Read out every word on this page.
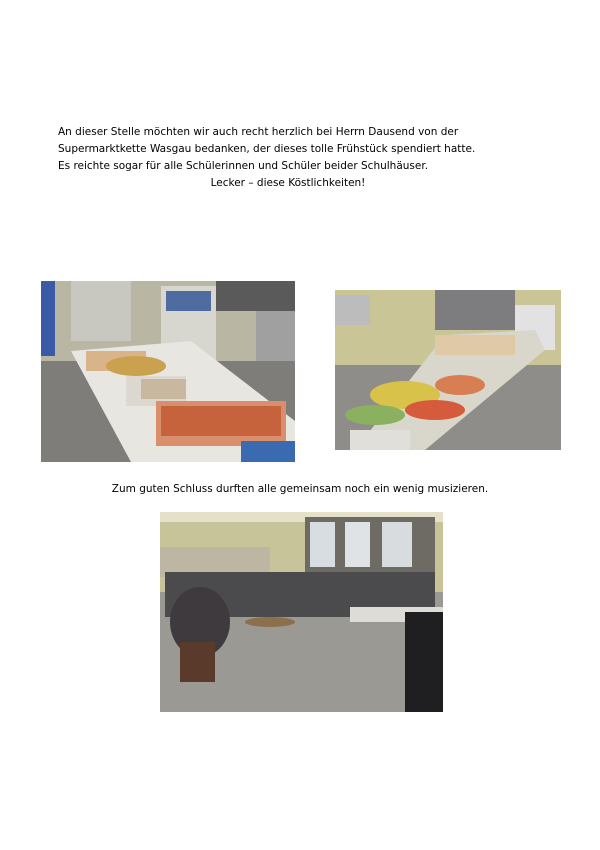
An dieser Stelle möchten wir auch recht herzlich bei Herrn Dausend von der
Supermarktkette Wasgau bedanken, der dieses tolle Frühstück spendiert hatte.
Es reichte sogar für alle Schülerinnen und Schüler beider Schulhäuser.
Lecker – diese Köstlichkeiten!
Zum guten Schluss durften alle gemeinsam noch ein wenig musizieren.
